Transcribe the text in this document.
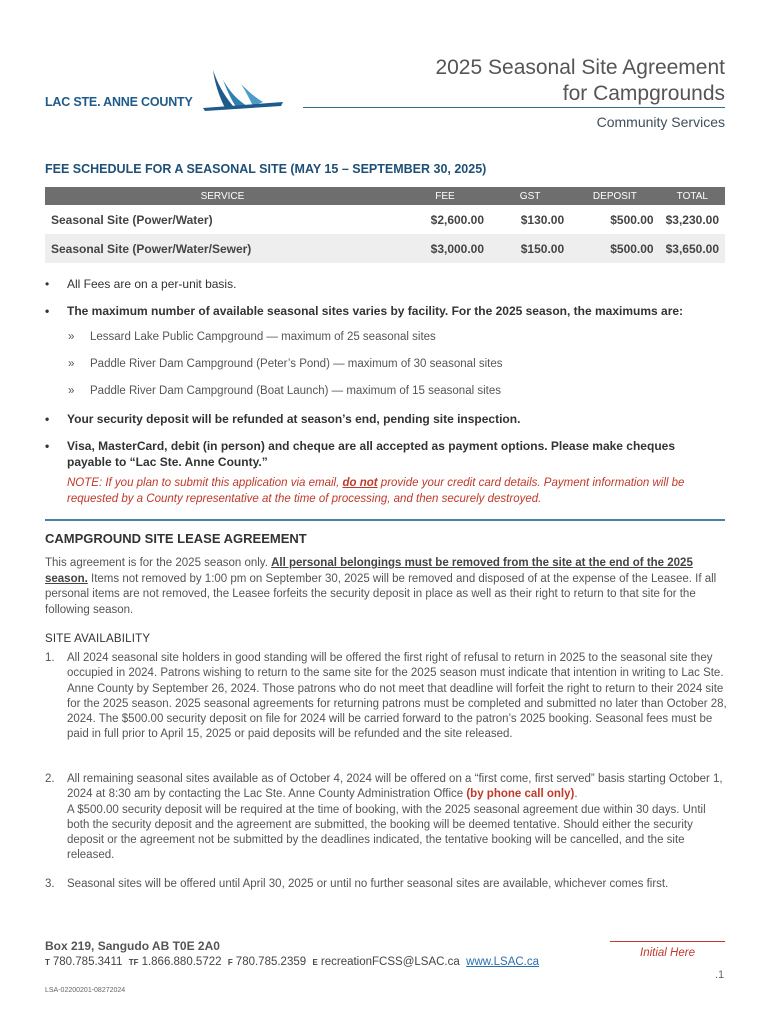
LAC STE. ANNE COUNTY
2025 Seasonal Site Agreement
for Campgrounds
Community Services
FEE SCHEDULE FOR A SEASONAL SITE (MAY 15 – SEPTEMBER 30, 2025)
SERVICE	FEE	GST	DEPOSIT	TOTAL
Seasonal Site (Power/Water)	$2,600.00	$130.00	$500.00	$3,230.00
Seasonal Site (Power/Water/Sewer)	$3,000.00	$150.00	$500.00	$3,650.00
• All Fees are on a per-unit basis.
• The maximum number of available seasonal sites varies by facility. For the 2025 season, the maximums are:
» Lessard Lake Public Campground — maximum of 25 seasonal sites
» Paddle River Dam Campground (Peter’s Pond) — maximum of 30 seasonal sites
» Paddle River Dam Campground (Boat Launch) — maximum of 15 seasonal sites
• Your security deposit will be refunded at season’s end, pending site inspection.
• Visa, MasterCard, debit (in person) and cheque are all accepted as payment options. Please make cheques
payable to “Lac Ste. Anne County.”
NOTE: If you plan to submit this application via email, do not provide your credit card details. Payment information will be requested by a County representative at the time of processing, and then securely destroyed.
CAMPGROUND SITE LEASE AGREEMENT
This agreement is for the 2025 season only. All personal belongings must be removed from the site at the end of the 2025 season. Items not removed by 1:00 pm on September 30, 2025 will be removed and disposed of at the expense of the Leasee. If all personal items are not removed, the Leasee forfeits the security deposit in place as well as their right to return to that site for the following season.
SITE AVAILABILITY
1. All 2024 seasonal site holders in good standing will be offered the first right of refusal to return in 2025 to the seasonal site they occupied in 2024. Patrons wishing to return to the same site for the 2025 season must indicate that intention in writing to Lac Ste. Anne County by September 26, 2024. Those patrons who do not meet that deadline will forfeit the right to return to their 2024 site for the 2025 season. 2025 seasonal agreements for returning patrons must be completed and submitted no later than October 28, 2024. The $500.00 security deposit on file for 2024 will be carried forward to the patron’s 2025 booking. Seasonal fees must be paid in full prior to April 15, 2025 or paid deposits will be refunded and the site released.
2. All remaining seasonal sites available as of October 4, 2024 will be offered on a “first come, first served” basis starting October 1, 2024 at 8:30 am by contacting the Lac Ste. Anne County Administration Office (by phone call only).
A $500.00 security deposit will be required at the time of booking, with the 2025 seasonal agreement due within 30 days. Until both the security deposit and the agreement are submitted, the booking will be deemed tentative. Should either the security deposit or the agreement not be submitted by the deadlines indicated, the tentative booking will be cancelled, and the site released.
3. Seasonal sites will be offered until April 30, 2025 or until no further seasonal sites are available, whichever comes first.
Box 219, Sangudo AB T0E 2A0
T 780.785.3411 TF 1.866.880.5722 F 780.785.2359 E recreationFCSS@LSAC.ca www.LSAC.ca
Initial Here
.1
LSA-02200201-08272024
